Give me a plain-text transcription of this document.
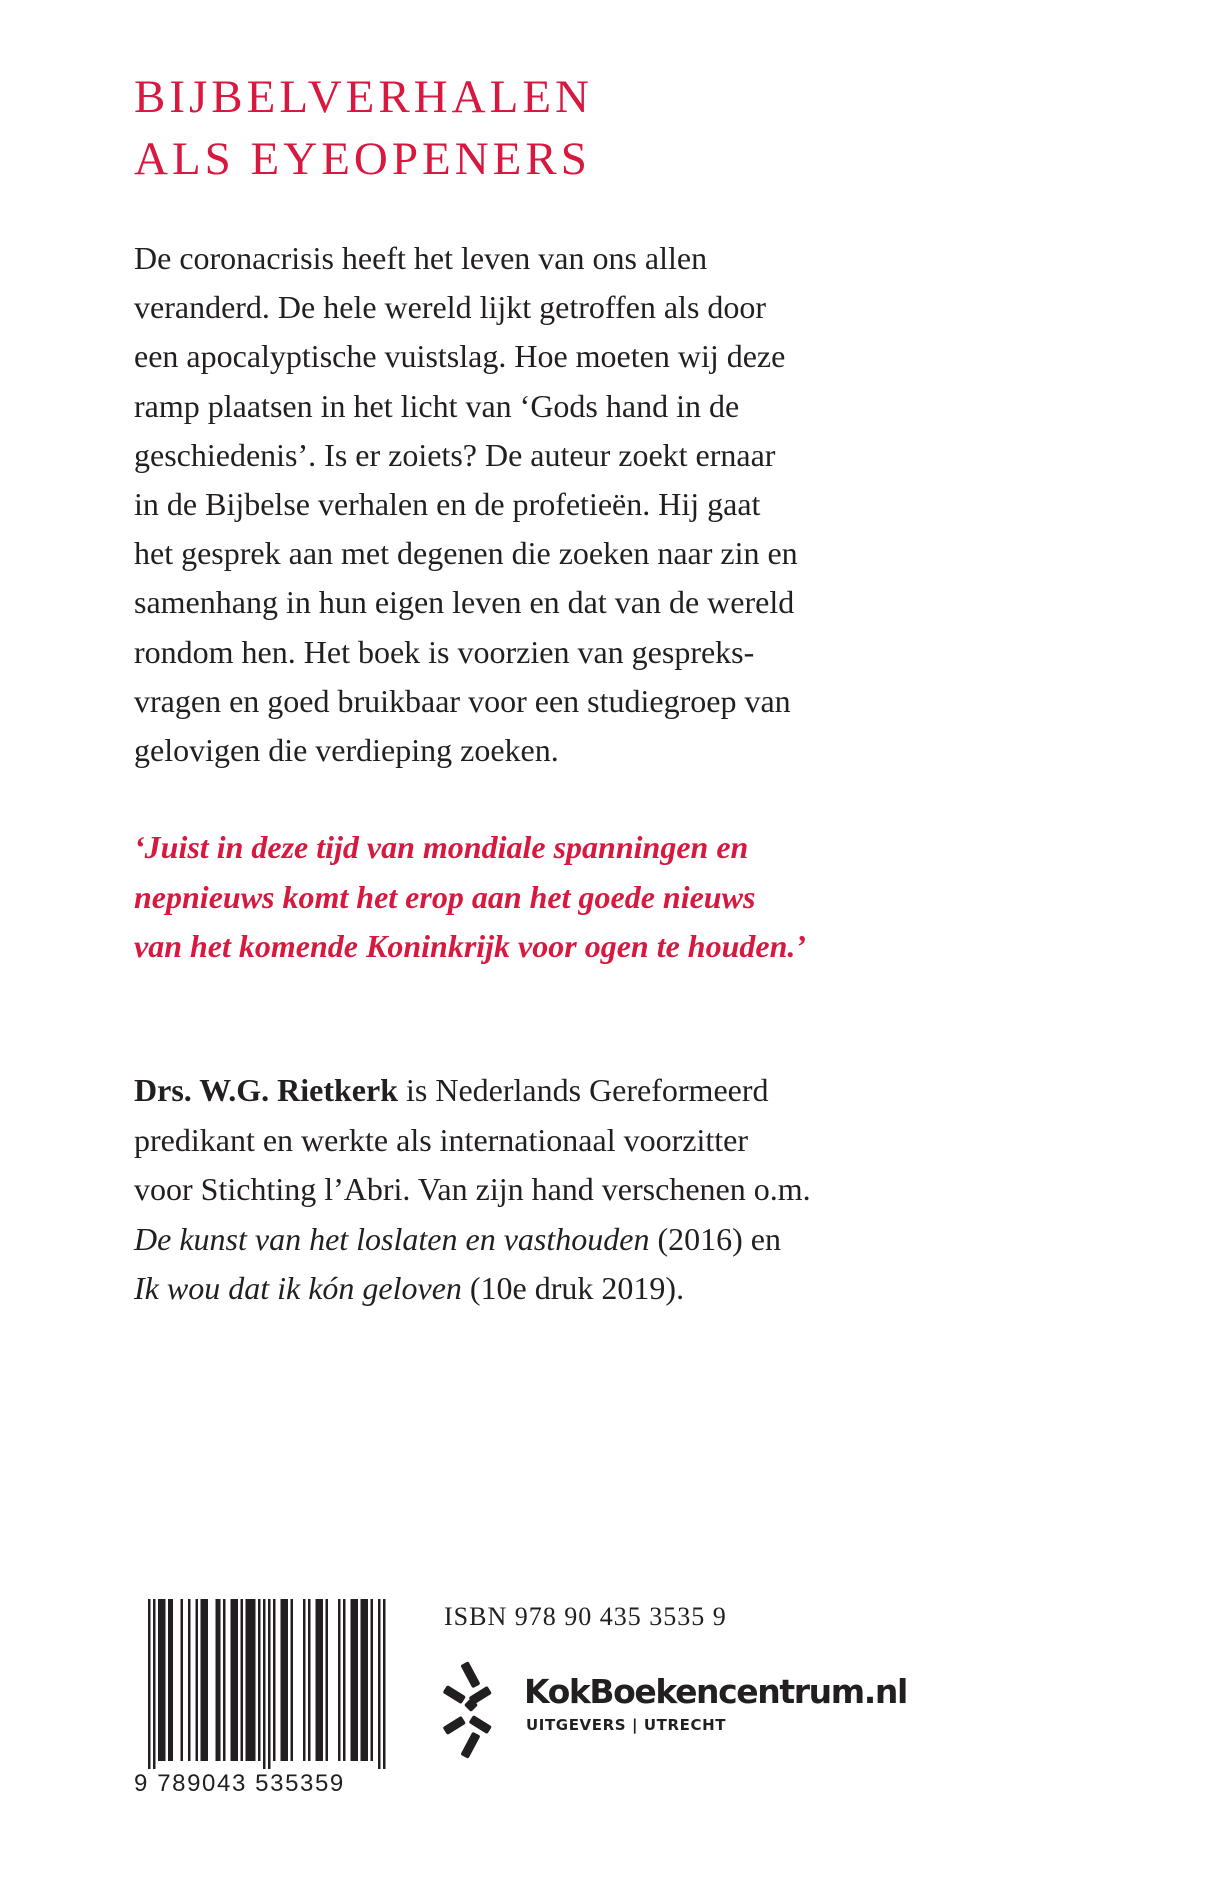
BIJBELVERHALEN
ALS EYEOPENERS
De coronacrisis heeft het leven van ons allen
veranderd. De hele wereld lijkt getroffen als door
een apocalyptische vuistslag. Hoe moeten wij deze
ramp plaatsen in het licht van ‘Gods hand in de
geschiedenis’. Is er zoiets? De auteur zoekt ernaar
in de Bijbelse verhalen en de profetieën. Hij gaat
het gesprek aan met degenen die zoeken naar zin en
samenhang in hun eigen leven en dat van de wereld
rondom hen. Het boek is voorzien van gespreks-
vragen en goed bruikbaar voor een studiegroep van
gelovigen die verdieping zoeken.
‘Juist in deze tijd van mondiale spanningen en
nepnieuws komt het erop aan het goede nieuws
van het komende Koninkrijk voor ogen te houden.’
Drs. W.G. Rietkerk is Nederlands Gereformeerd
predikant en werkte als internationaal voorzitter
voor Stichting l’Abri. Van zijn hand verschenen o.m.
De kunst van het loslaten en vasthouden (2016) en
Ik wou dat ik kón geloven (10e druk 2019).
9 789043 535359
ISBN 978 90 435 3535 9
KokBoekencentrum.nl
UITGEVERS | UTRECHT
